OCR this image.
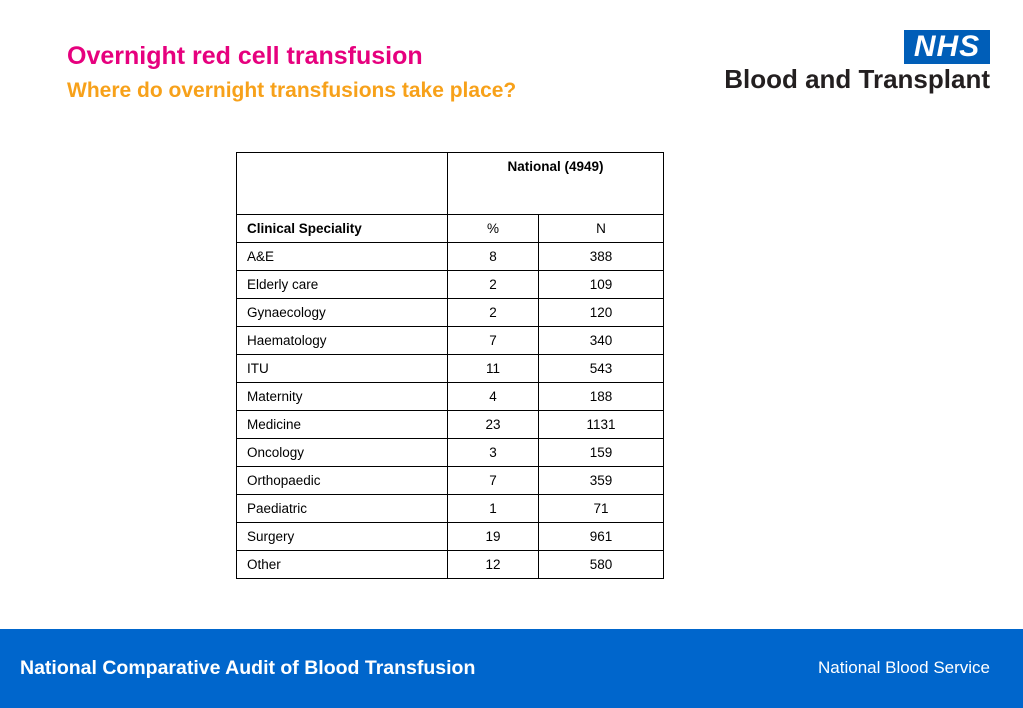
Overnight red cell transfusion
Where do overnight transfusions take place?
NHS
Blood and Transplant
	National (4949)	
Clinical Speciality	%	N
A&E	8	388
Elderly care	2	109
Gynaecology	2	120
Haematology	7	340
ITU	11	543
Maternity	4	188
Medicine	23	1131
Oncology	3	159
Orthopaedic	7	359
Paediatric	1	71
Surgery	19	961
Other	12	580
National Comparative Audit of Blood Transfusion	National Blood Service
